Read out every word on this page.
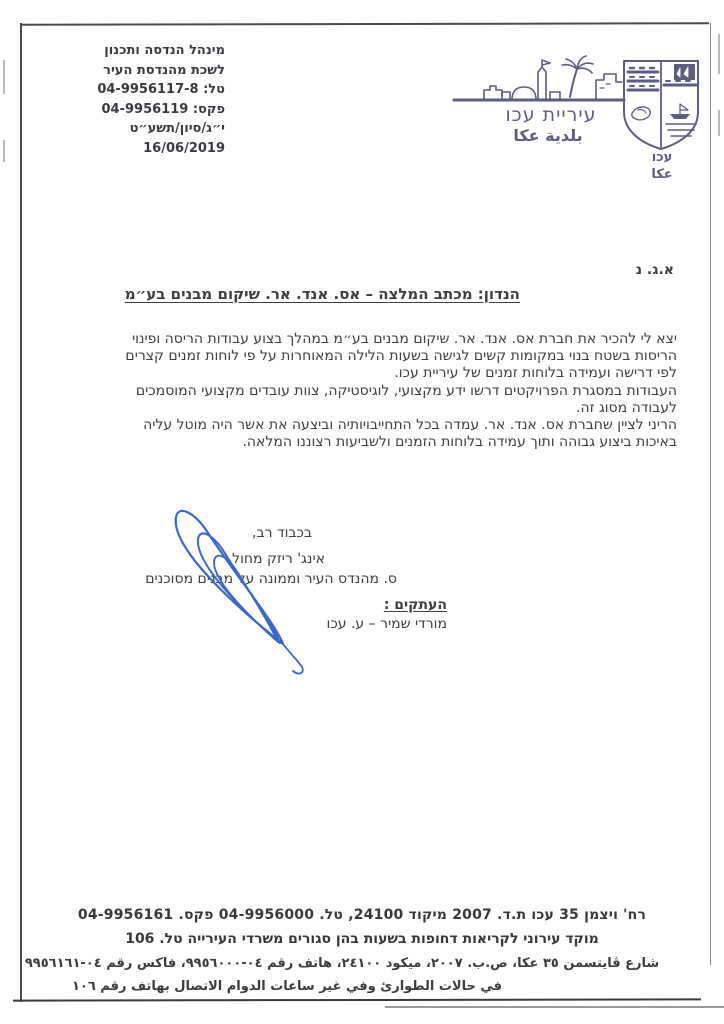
מינהל הנדסה ותכנון
לשכת מהנדסת העיר
טל: ‎04-9956117-8‎
פקס: ‎04-9956119‎
י״ג/סיון/תשע״ט
16/06/2019
עיריית עכו
بلدية عكا
עכו
عكا
א.ג. נ
הנדון: מכתב המלצה – אס. אנד. אר. שיקום מבנים בע״מ
יצא לי להכיר את חברת אס. אנד. אר. שיקום מבנים בע״מ במהלך בצוע עבודות הריסה ופינוי
הריסות בשטח בנוי במקומות קשים לגישה בשעות הלילה המאוחרות על פי לוחות זמנים קצרים
לפי דרישה ועמידה בלוחות זמנים של עיריית עכו.
העבודות במסגרת הפרויקטים דרשו ידע מקצועי, לוגיסטיקה, צוות עובדים מקצועי המוסמכים
לעבודה מסוג זה.
הריני לציין שחברת אס. אנד. אר. עמדה בכל התחייבויותיה וביצעה את אשר היה מוטל עליה
באיכות ביצוע גבוהה ותוך עמידה בלוחות הזמנים ולשביעות רצוננו המלאה.
בכבוד רב,
אינג' ריזק מחול
ס. מהנדס העיר וממונה על מבנים מסוכנים
העתקים :
מורדי שמיר – ע. עכו
רח' ויצמן 35 עכו ת.ד. 2007 מיקוד 24100, טל. ‎04-9956000‎ פקס. ‎04-9956161‎
מוקד עירוני לקריאות דחופות בשעות בהן סגורים משרדי העירייה טל. 106
شارع ڤايتسمن ٣٥ عكا، ص.ب. ٢٠٠٧، ميكود ٢٤١٠٠، هاتف رقم ٠٤-٩٩٥٦٠٠٠، فاكس رقم ٠٤-٩٩٥٦١٦١
في حالات الطوارئ وفي غير ساعات الدوام الاتصال بهاتف رقم ١٠٦
